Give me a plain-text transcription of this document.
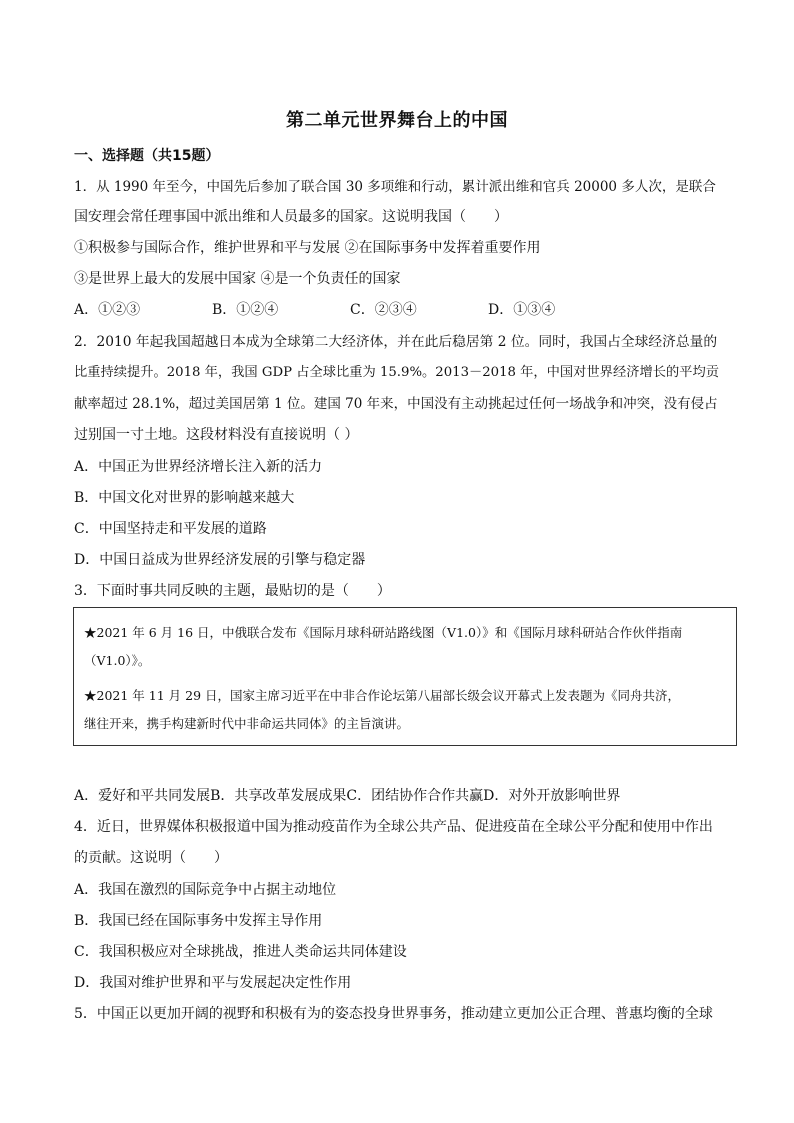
第二单元世界舞台上的中国
一、选择题（共15题）
1．从 1990 年至今，中国先后参加了联合国 30 多项维和行动，累计派出维和官兵 20000 多人次，是联合
国安理会常任理事国中派出维和人员最多的国家。这说明我国（　　）
①积极参与国际合作，维护世界和平与发展 ②在国际事务中发挥着重要作用
③是世界上最大的发展中国家 ④是一个负责任的国家
A．①②③	B．①②④	C．②③④	D．①③④
2．2010 年起我国超越日本成为全球第二大经济体，并在此后稳居第 2 位。同时，我国占全球经济总量的
比重持续提升。2018 年，我国 GDP 占全球比重为 15.9%。2013－2018 年，中国对世界经济增长的平均贡
献率超过 28.1%，超过美国居第 1 位。建国 70 年来，中国没有主动挑起过任何一场战争和冲突，没有侵占
过别国一寸土地。这段材料没有直接说明（ ）
A．中国正为世界经济增长注入新的活力
B．中国文化对世界的影响越来越大
C．中国坚持走和平发展的道路
D．中国日益成为世界经济发展的引擎与稳定器
3．下面时事共同反映的主题，最贴切的是（　　）
★2021 年 6 月 16 日，中俄联合发布《国际月球科研站路线图（V1.0）》和《国际月球科研站合作伙伴指南
（V1.0）》。
★2021 年 11 月 29 日，国家主席习近平在中非合作论坛第八届部长级会议开幕式上发表题为《同舟共济，
继往开来，携手构建新时代中非命运共同体》的主旨演讲。
A．爱好和平共同发展B．共享改革发展成果C．团结协作合作共赢D．对外开放影响世界
4．近日，世界媒体积极报道中国为推动疫苗作为全球公共产品、促进疫苗在全球公平分配和使用中作出
的贡献。这说明（　　）
A．我国在激烈的国际竞争中占据主动地位
B．我国已经在国际事务中发挥主导作用
C．我国积极应对全球挑战，推进人类命运共同体建设
D．我国对维护世界和平与发展起决定性作用
5．中国正以更加开阔的视野和积极有为的姿态投身世界事务，推动建立更加公正合理、普惠均衡的全球
